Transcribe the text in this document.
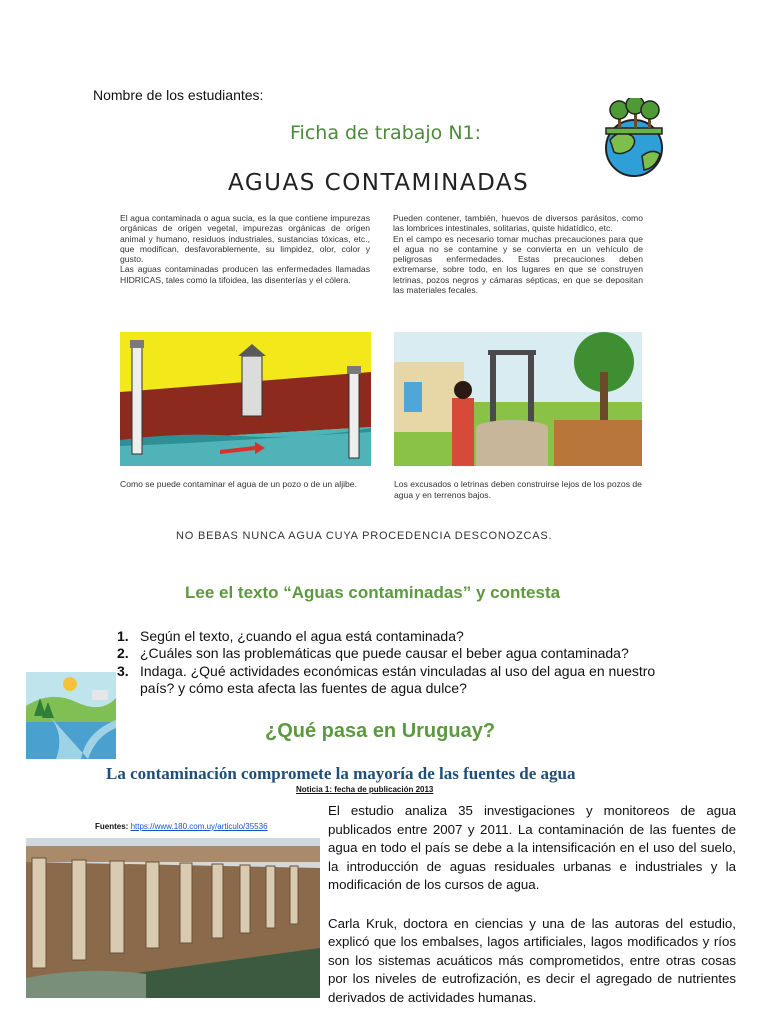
Nombre de los estudiantes:
Ficha de trabajo N1:
AGUAS CONTAMINADAS

El agua contaminada o agua sucia, es la que contiene impurezas orgánicas de origen vegetal, impurezas orgánicas de origen animal y humano, residuos industriales, sustancias tóxicas, etc., que modifican, desfavorablemente, su limpidez, olor, color y gusto.

Las aguas contaminadas producen las enfermedades llamadas HIDRICAS, tales como la tifoidea, las disenterías y el cólera.

Pueden contener, también, huevos de diversos parásitos, como las lombrices intestinales, solitarias, quiste hidatídico, etc.

En el campo es necesario tomar muchas precauciones para que el agua no se contamine y se convierta en un vehículo de peligrosas enfermedades. Estas precauciones deben extremarse, sobre todo, en los lugares en que se construyen letrinas, pozos negros y cámaras sépticas, en que se depositan las materiales fecales.

Como se puede contaminar el agua de un pozo o de un aljibe.	Los excusados o letrinas deben construirse lejos de los pozos de agua y en terrenos bajos.
NO BEBAS NUNCA AGUA CUYA PROCEDENCIA DESCONOZCAS.
Lee el texto “Aguas contaminadas” y contesta
1. Según el texto, ¿cuando el agua está contaminada?
2. ¿Cuáles son las problemáticas que puede causar el beber agua contaminada?
3. Indaga. ¿Qué actividades económicas están vinculadas al uso del agua en nuestro país? y cómo esta afecta las fuentes de agua dulce?
¿Qué pasa en Uruguay?
La contaminación compromete la mayoría de las fuentes de agua
Noticia 1: fecha de publicación 2013
Fuentes: https://www.180.com.uy/articulo/35536

El estudio analiza 35 investigaciones y monitoreos de agua publicados entre 2007 y 2011. La contaminación de las fuentes de agua en todo el país se debe a la intensificación en el uso del suelo, la introducción de aguas residuales urbanas e industriales y la modificación de los cursos de agua.

Carla Kruk, doctora en ciencias y una de las autoras del estudio, explicó que los embalses, lagos artificiales, lagos modificados y ríos son los sistemas acuáticos más comprometidos, entre otras cosas por los niveles de eutrofización, es decir el agregado de nutrientes derivados de actividades humanas.
